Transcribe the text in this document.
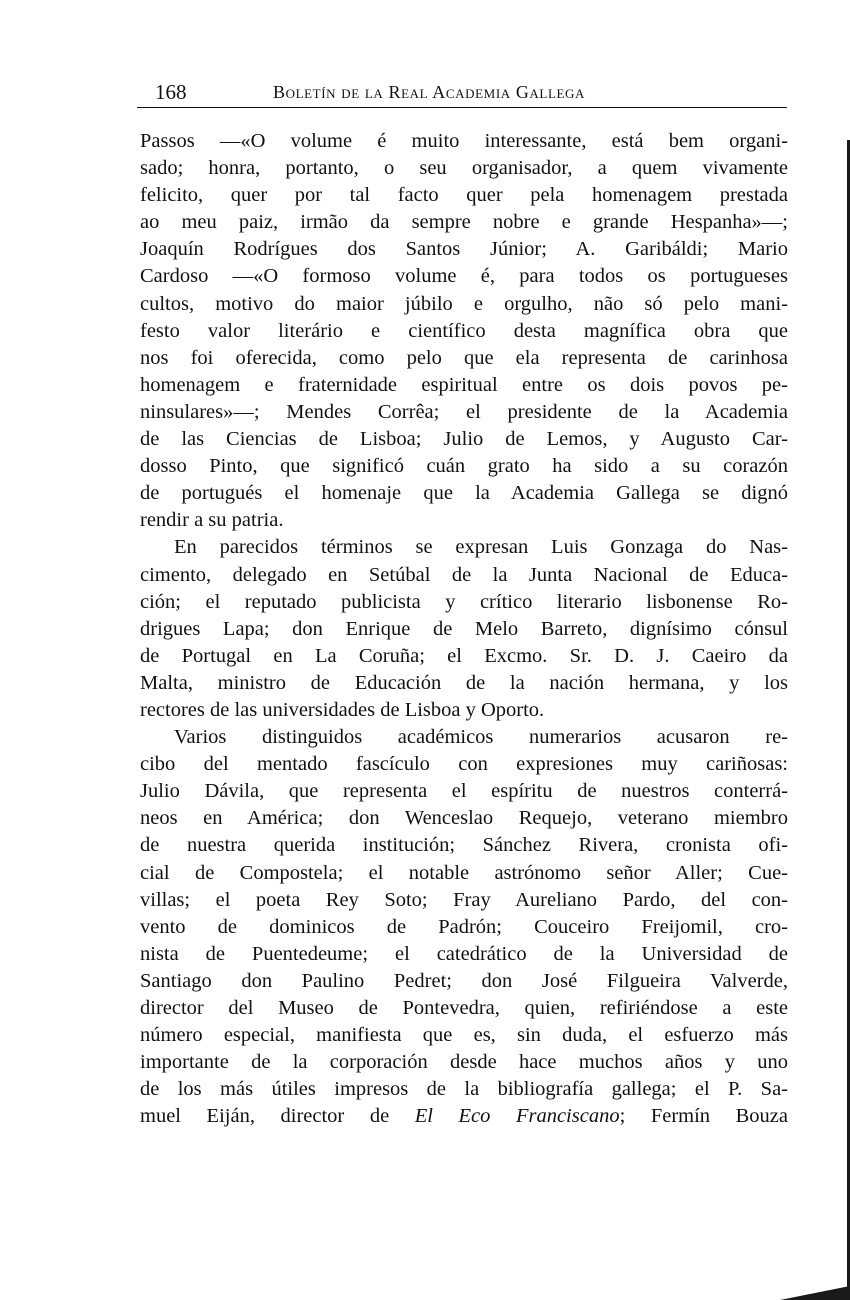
168	Boletín de la Real Academia Gallega
Passos —«O volume é muito interessante, está bem organi-
sado; honra, portanto, o seu organisador, a quem vivamente
felicito, quer por tal facto quer pela homenagem prestada
ao meu paiz, irmão da sempre nobre e grande Hespanha»—;
Joaquín Rodrígues dos Santos Júnior; A. Garibáldi; Mario
Cardoso —«O formoso volume é, para todos os portugueses
cultos, motivo do maior júbilo e orgulho, não só pelo mani-
festo valor literário e científico desta magnífica obra que
nos foi oferecida, como pelo que ela representa de carinhosa
homenagem e fraternidade espiritual entre os dois povos pe-
ninsulares»—; Mendes Corrêa; el presidente de la Academia
de las Ciencias de Lisboa; Julio de Lemos, y Augusto Car-
dosso Pinto, que significó cuán grato ha sido a su corazón
de portugués el homenaje que la Academia Gallega se dignó
rendir a su patria.
En parecidos términos se expresan Luis Gonzaga do Nas-
cimento, delegado en Setúbal de la Junta Nacional de Educa-
ción; el reputado publicista y crítico literario lisbonense Ro-
drigues Lapa; don Enrique de Melo Barreto, dignísimo cónsul
de Portugal en La Coruña; el Excmo. Sr. D. J. Caeiro da
Malta, ministro de Educación de la nación hermana, y los
rectores de las universidades de Lisboa y Oporto.
Varios distinguidos académicos numerarios acusaron re-
cibo del mentado fascículo con expresiones muy cariñosas:
Julio Dávila, que representa el espíritu de nuestros conterrá-
neos en América; don Wenceslao Requejo, veterano miembro
de nuestra querida institución; Sánchez Rivera, cronista ofi-
cial de Compostela; el notable astrónomo señor Aller; Cue-
villas; el poeta Rey Soto; Fray Aureliano Pardo, del con-
vento de dominicos de Padrón; Couceiro Freijomil, cro-
nista de Puentedeume; el catedrático de la Universidad de
Santiago don Paulino Pedret; don José Filgueira Valverde,
director del Museo de Pontevedra, quien, refiriéndose a este
número especial, manifiesta que es, sin duda, el esfuerzo más
importante de la corporación desde hace muchos años y uno
de los más útiles impresos de la bibliografía gallega; el P. Sa-
muel Eiján, director de El Eco Franciscano; Fermín Bouza
